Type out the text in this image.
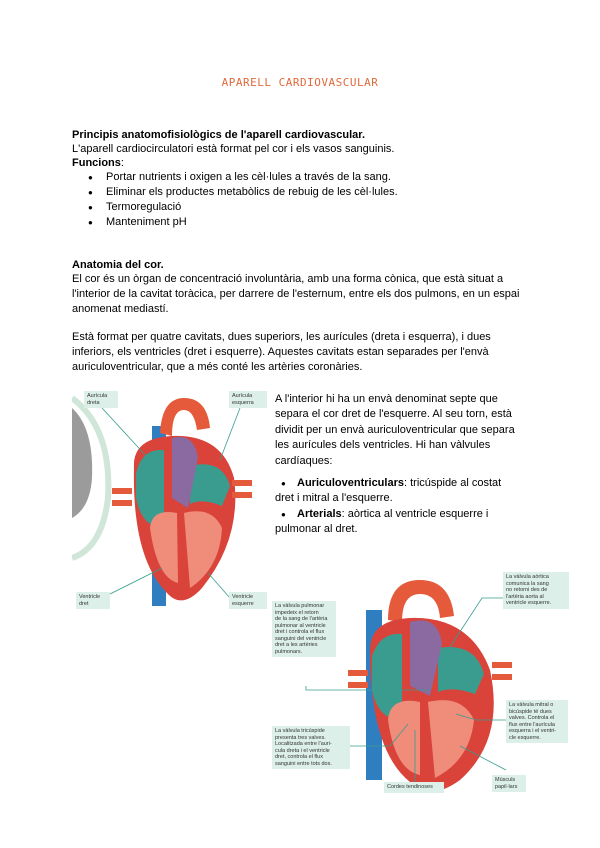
APARELL CARDIOVASCULAR
Principis anatomofisiològics de l'aparell cardiovascular.
L'aparell cardiocirculatori està format pel cor i els vasos sanguinis.
Funcions:
● Portar nutrients i oxigen a les cèl·lules a través de la sang.
● Eliminar els productes metabòlics de rebuig de les cèl·lules.
● Termoregulació
● Manteniment pH
Anatomia del cor.
El cor és un òrgan de concentració involuntària, amb una forma cònica, que està situat a
l'interior de la cavitat toràcica, per darrere de l'esternum, entre els dos pulmons, en un espai
anomenat mediastí.
Està format per quatre cavitats, dues superiors, les aurícules (dreta i esquerra), i dues
inferiors, els ventricles (dret i esquerre). Aquestes cavitats estan separades per l'envà
auriculoventricular, que a més conté les artèries coronàries.
A l'interior hi ha un envà denominat septe que
separa el cor dret de l'esquerre. Al seu torn, està
dividit per un envà auriculoventricular que separa
les aurícules dels ventricles. Hi han vàlvules
cardíaques:
● Auriculoventriculars: tricúspide al costat
dret i mitral a l'esquerre.
● Arterials: aòrtica al ventricle esquerre i
pulmonar al dret.
Aurícula
dreta
Aurícula
esquerra
Ventricle
dret
Ventricle
esquerre
La vàlvula aòrtica
comunica la sang
no retorni des de
l'artèria aorta al
ventricle esquerre.
La vàlvula pulmonar
impedeix el retorn
de la sang de l'artèria
pulmonar al ventricle
dret i controla el flux
sanguini del ventricle
dret a les artèries
pulmonars.
La vàlvula mitral o
bicúspide té dues
valves. Controla el
flux entre l'aurícula
esquerra i el ventri-
cle esquerre.
La vàlvula tricúspide
presenta tres valves.
Localitzada entre l'auri-
cula dreta i el ventricle
dret, controla el flux
sanguini entre tots dos.
Cordes tendinoses
Músculs
papil·lars
